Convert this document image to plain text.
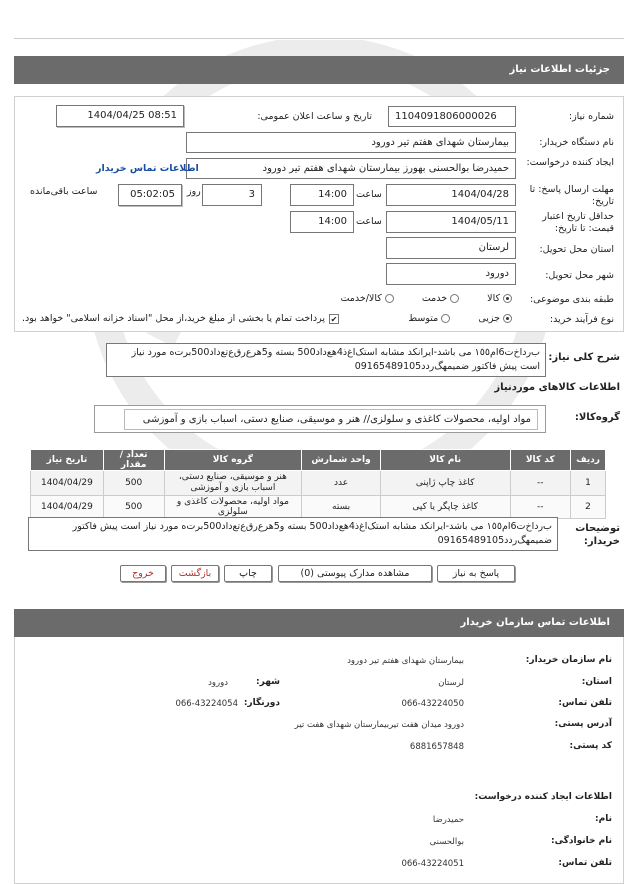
جزئیات اطلاعات نیاز
شماره نیاز:
1104091806000026
تاریخ و ساعت اعلان عمومی:
1404/04/25 08:51
نام دستگاه خریدار:
بیمارستان شهدای هفتم تیر دورود
ایجاد کننده درخواست:
حمیدرضا بوالحسنی بهورز بیمارستان شهدای هفتم تیر دورود
اطلاعات تماس خریدار
مهلت ارسال پاسخ: تا تاریخ:
1404/04/28
ساعت
14:00
روز	3
05:02:05
ساعت باقی‌مانده
حداقل تاریخ اعتبار قیمت: تا تاریخ:
1404/05/11
ساعت
14:00
استان محل تحویل:
لرستان
شهر محل تحویل:
دورود
طبقه بندی موضوعی:
کالا  خدمت  کالا/خدمت
نوع فرآیند خرید:
جزیی  متوسط
✔پرداخت تمام یا بخشی از مبلغ خرید،از محل "اسناد خزانه اسلامی" خواهد بود.
شرح کلی نیاز:
ب‌رداخ‌ت6ام١٥٥ می باشد-ایرانکد مشابه استک‌اغ‌ذ4هع‌داد500 بسته و5هرع‌رق‌ع‌تع‌داد500برت‌ه مورد نیاز است پیش فاکتور ضمیمهگ‌ردد09165489105
اطلاعات کالاهای موردنیاز
گروه‌کالا:
مواد اولیه، محصولات کاغذی و سلولزی// هنر و موسیقی، صنایع دستی، اسباب بازی و آموزشی
ردیف	کد کالا	نام کالا	واحد شمارش	گروه کالا	تعداد / مقدار	تاریخ نیاز
1	--	کاغذ چاپ ژاپنی	عدد	هنر و موسیقی، صنایع دستی، اسباب بازی و آموزشی	500	1404/04/29
2	--	کاغذ چاپگر یا کپی	بسته	مواد اولیه، محصولات کاغذی و سلولزی	500	1404/04/29
توضیحات خریدار:
ب‌رداخ‌ت6ام١٥٥ می باشد-ایرانکد مشابه استک‌اغ‌ذ4هع‌داد500 بسته و5هرع‌رق‌ع‌تع‌داد500برت‌ه مورد نیاز است پیش فاکتور ضمیمهگ‌ردد09165489105
پاسخ به نیاز
مشاهده مدارک پیوستی (0)
چاپ
بازگشت
خروج
اطلاعات تماس سازمان خریدار
نام سازمان خریدار:
بیمارستان شهدای هفتم تیر دورود
استان:
لرستان
شهر:
دورود
تلفن تماس:
066-43224050
دورنگار:
066-43224054
آدرس پستی:
دورود میدان هفت تیربیمارستان شهدای هفت تیر
کد پستی:
6881657848
اطلاعات ایجاد کننده درخواست:
نام:
حمیدرضا
نام خانوادگی:
بوالحسنی
تلفن تماس:
066-43224051
